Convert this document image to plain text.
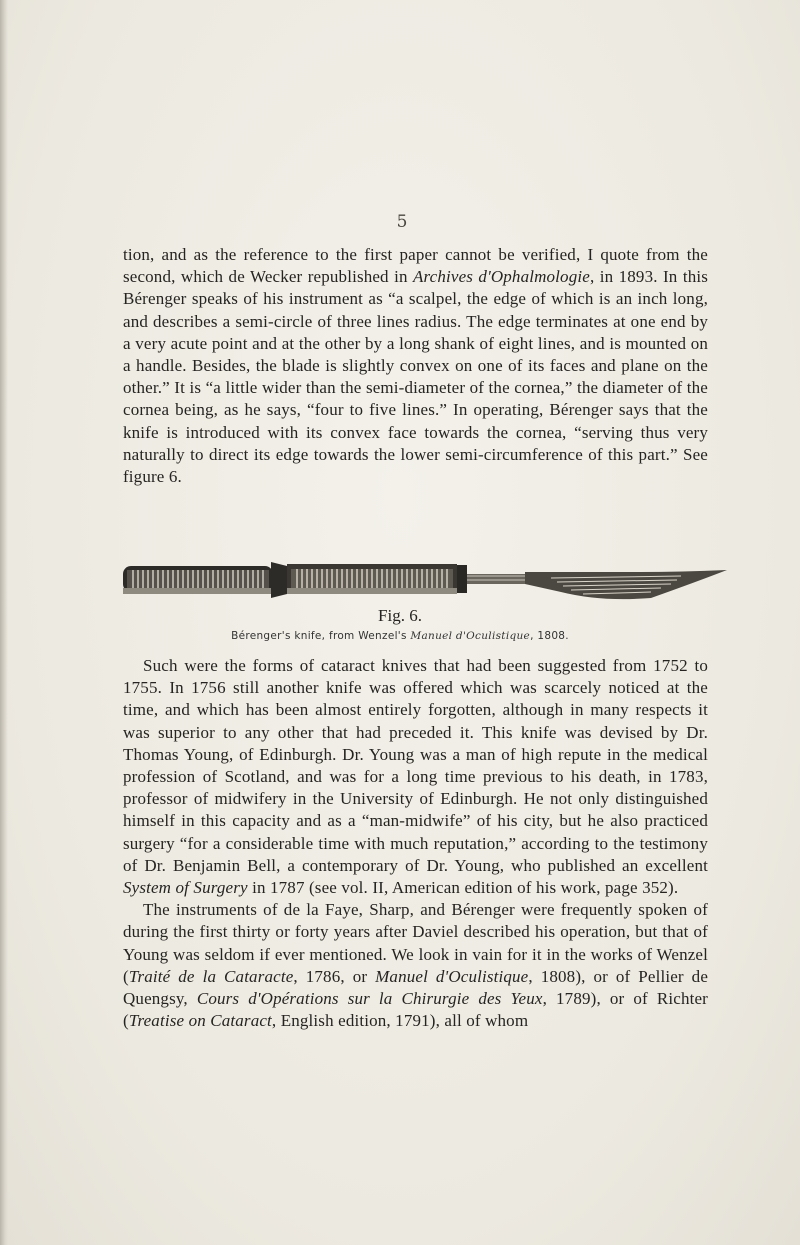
5

tion, and as the reference to the first paper cannot be verified, I quote from the second, which de Wecker republished in Archives d'Ophalmologie, in 1893. In this Bérenger speaks of his instrument as “a scalpel, the edge of which is an inch long, and describes a semi-circle of three lines radius. The edge terminates at one end by a very acute point and at the other by a long shank of eight lines, and is mounted on a handle. Besides, the blade is slightly convex on one of its faces and plane on the other.” It is “a little wider than the semi-diameter of the cornea,” the diameter of the cornea being, as he says, “four to five lines.” In operating, Bérenger says that the knife is introduced with its convex face towards the cornea, “serving thus very naturally to direct its edge towards the lower semi-circumference of this part.” See figure 6.

Fig. 6.
Bérenger's knife, from Wenzel's Manuel d'Oculistique, 1808.

Such were the forms of cataract knives that had been suggested from 1752 to 1755. In 1756 still another knife was offered which was scarcely noticed at the time, and which has been almost entirely forgotten, although in many respects it was superior to any other that had preceded it. This knife was devised by Dr. Thomas Young, of Edinburgh. Dr. Young was a man of high repute in the medical profession of Scotland, and was for a long time previous to his death, in 1783, professor of midwifery in the University of Edinburgh. He not only distinguished himself in this capacity and as a “man-midwife” of his city, but he also practiced surgery “for a considerable time with much reputation,” according to the testimony of Dr. Benjamin Bell, a contemporary of Dr. Young, who published an excellent System of Surgery in 1787 (see vol. II, American edition of his work, page 352).

The instruments of de la Faye, Sharp, and Bérenger were frequently spoken of during the first thirty or forty years after Daviel described his operation, but that of Young was seldom if ever mentioned. We look in vain for it in the works of Wenzel (Traité de la Cataracte, 1786, or Manuel d'Oculistique, 1808), or of Pellier de Quengsy, Cours d'Opérations sur la Chirurgie des Yeux, 1789), or of Richter (Treatise on Cataract, English edition, 1791), all of whom
